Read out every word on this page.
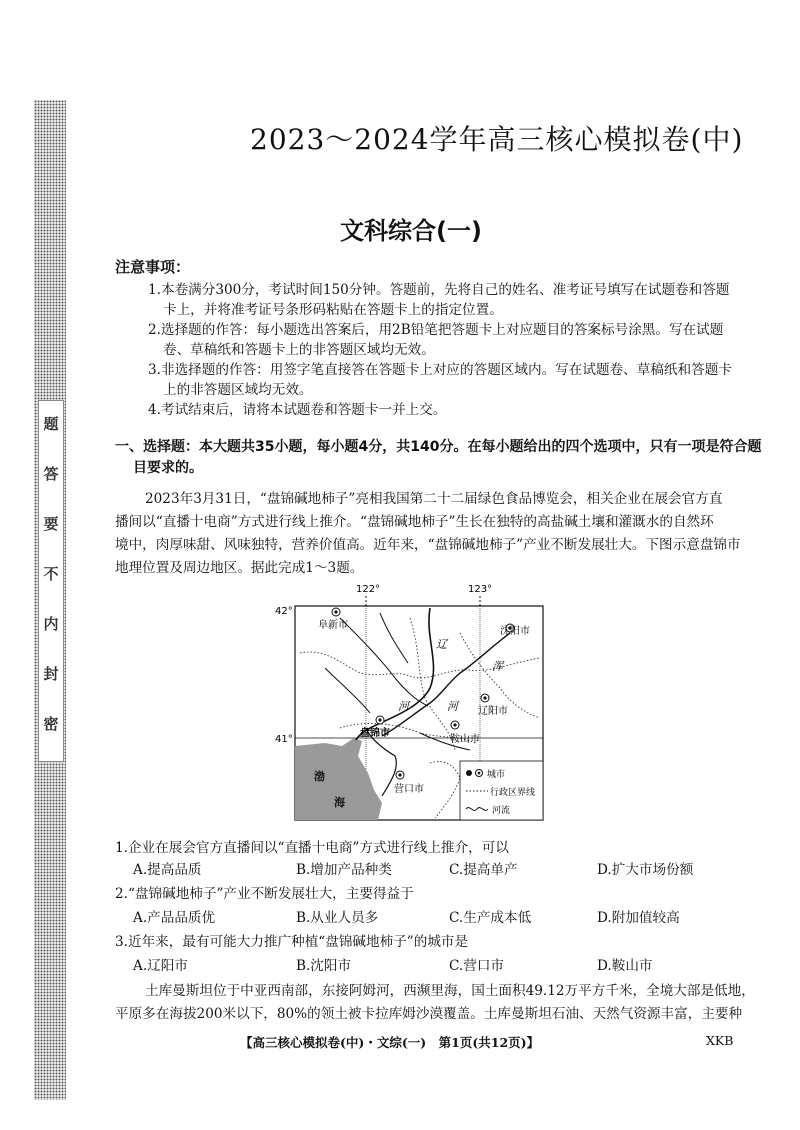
密
封
内
不
要
答
题
2023～2024学年高三核心模拟卷(中)
文科综合(一)
注意事项：
1.本卷满分300分，考试时间150分钟。答题前，先将自己的姓名、准考证号填写在试题卷和答题
卡上，并将准考证号条形码粘贴在答题卡上的指定位置。
2.选择题的作答：每小题选出答案后，用2B铅笔把答题卡上对应题目的答案标号涂黑。写在试题
卷、草稿纸和答题卡上的非答题区域均无效。
3.非选择题的作答：用签字笔直接答在答题卡上对应的答题区域内。写在试题卷、草稿纸和答题卡
上的非答题区域均无效。
4.考试结束后，请将本试题卷和答题卡一并上交。
一、选择题：本大题共35小题，每小题4分，共140分。在每小题给出的四个选项中，只有一项是符合题
目要求的。
2023年3月31日，“盘锦碱地柿子”亮相我国第二十二届绿色食品博览会，相关企业在展会官方直
播间以“直播十电商”方式进行线上推介。“盘锦碱地柿子”生长在独特的高盐碱土壤和灌溉水的自然环
境中，肉厚味甜、风味独特，营养价值高。近年来，“盘锦碱地柿子”产业不断发展壮大。下图示意盘锦市
地理位置及周边地区。据此完成1～3题。
122°	123°
42°
41°
渤
海
辽
浑
河	河
阜新市
沈阳市
辽阳市
盘锦市
鞍山市
营口市
城市
行政区界线
河流
1.企业在展会官方直播间以“直播十电商”方式进行线上推介，可以
A.提高品质	B.增加产品种类	C.提高单产	D.扩大市场份额
2.“盘锦碱地柿子”产业不断发展壮大，主要得益于
A.产品品质优	B.从业人员多	C.生产成本低	D.附加值较高
3.近年来，最有可能大力推广种植“盘锦碱地柿子”的城市是
A.辽阳市	B.沈阳市	C.营口市	D.鞍山市
土库曼斯坦位于中亚西南部，东接阿姆河，西濒里海，国土面积49.12万平方千米，全境大部是低地，
平原多在海拔200米以下，80%的领土被卡拉库姆沙漠覆盖。土库曼斯坦石油、天然气资源丰富，主要种
【高三核心模拟卷(中)・文综(一)　第1页(共12页)】	XKB
